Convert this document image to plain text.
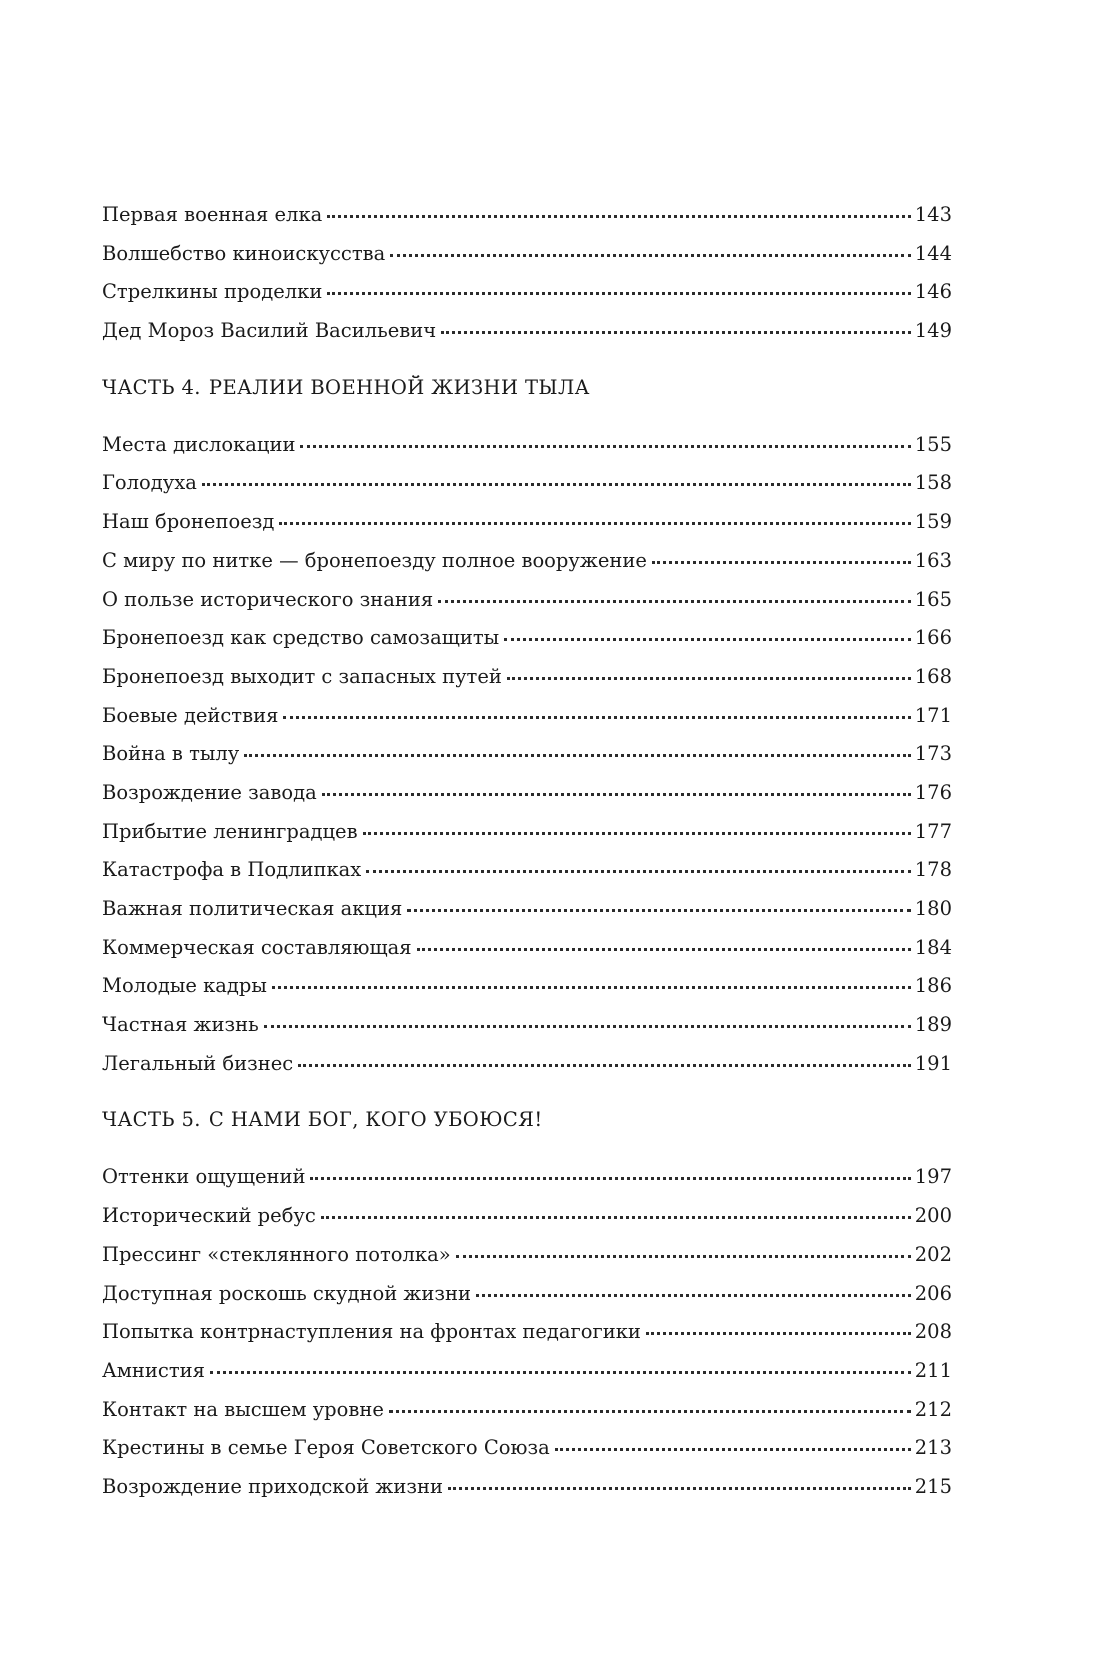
Первая военная елка	143
Волшебство киноискусства	144
Стрелкины проделки	146
Дед Мороз Василий Васильевич	149
ЧАСТЬ 4. РЕАЛИИ ВОЕННОЙ ЖИЗНИ ТЫЛА
Места дислокации	155
Голодуха	158
Наш бронепоезд	159
С миру по нитке — бронепоезду полное вооружение	163
О пользе исторического знания	165
Бронепоезд как средство самозащиты	166
Бронепоезд выходит с запасных путей	168
Боевые действия	171
Война в тылу	173
Возрождение завода	176
Прибытие ленинградцев	177
Катастрофа в Подлипках	178
Важная политическая акция	180
Коммерческая составляющая	184
Молодые кадры	186
Частная жизнь	189
Легальный бизнес	191
ЧАСТЬ 5. С НАМИ БОГ, КОГО УБОЮСЯ!
Оттенки ощущений	197
Исторический ребус	200
Прессинг «стеклянного потолка»	202
Доступная роскошь скудной жизни	206
Попытка контрнаступления на фронтах педагогики	208
Амнистия	211
Контакт на высшем уровне	212
Крестины в семье Героя Советского Союза	213
Возрождение приходской жизни	215
